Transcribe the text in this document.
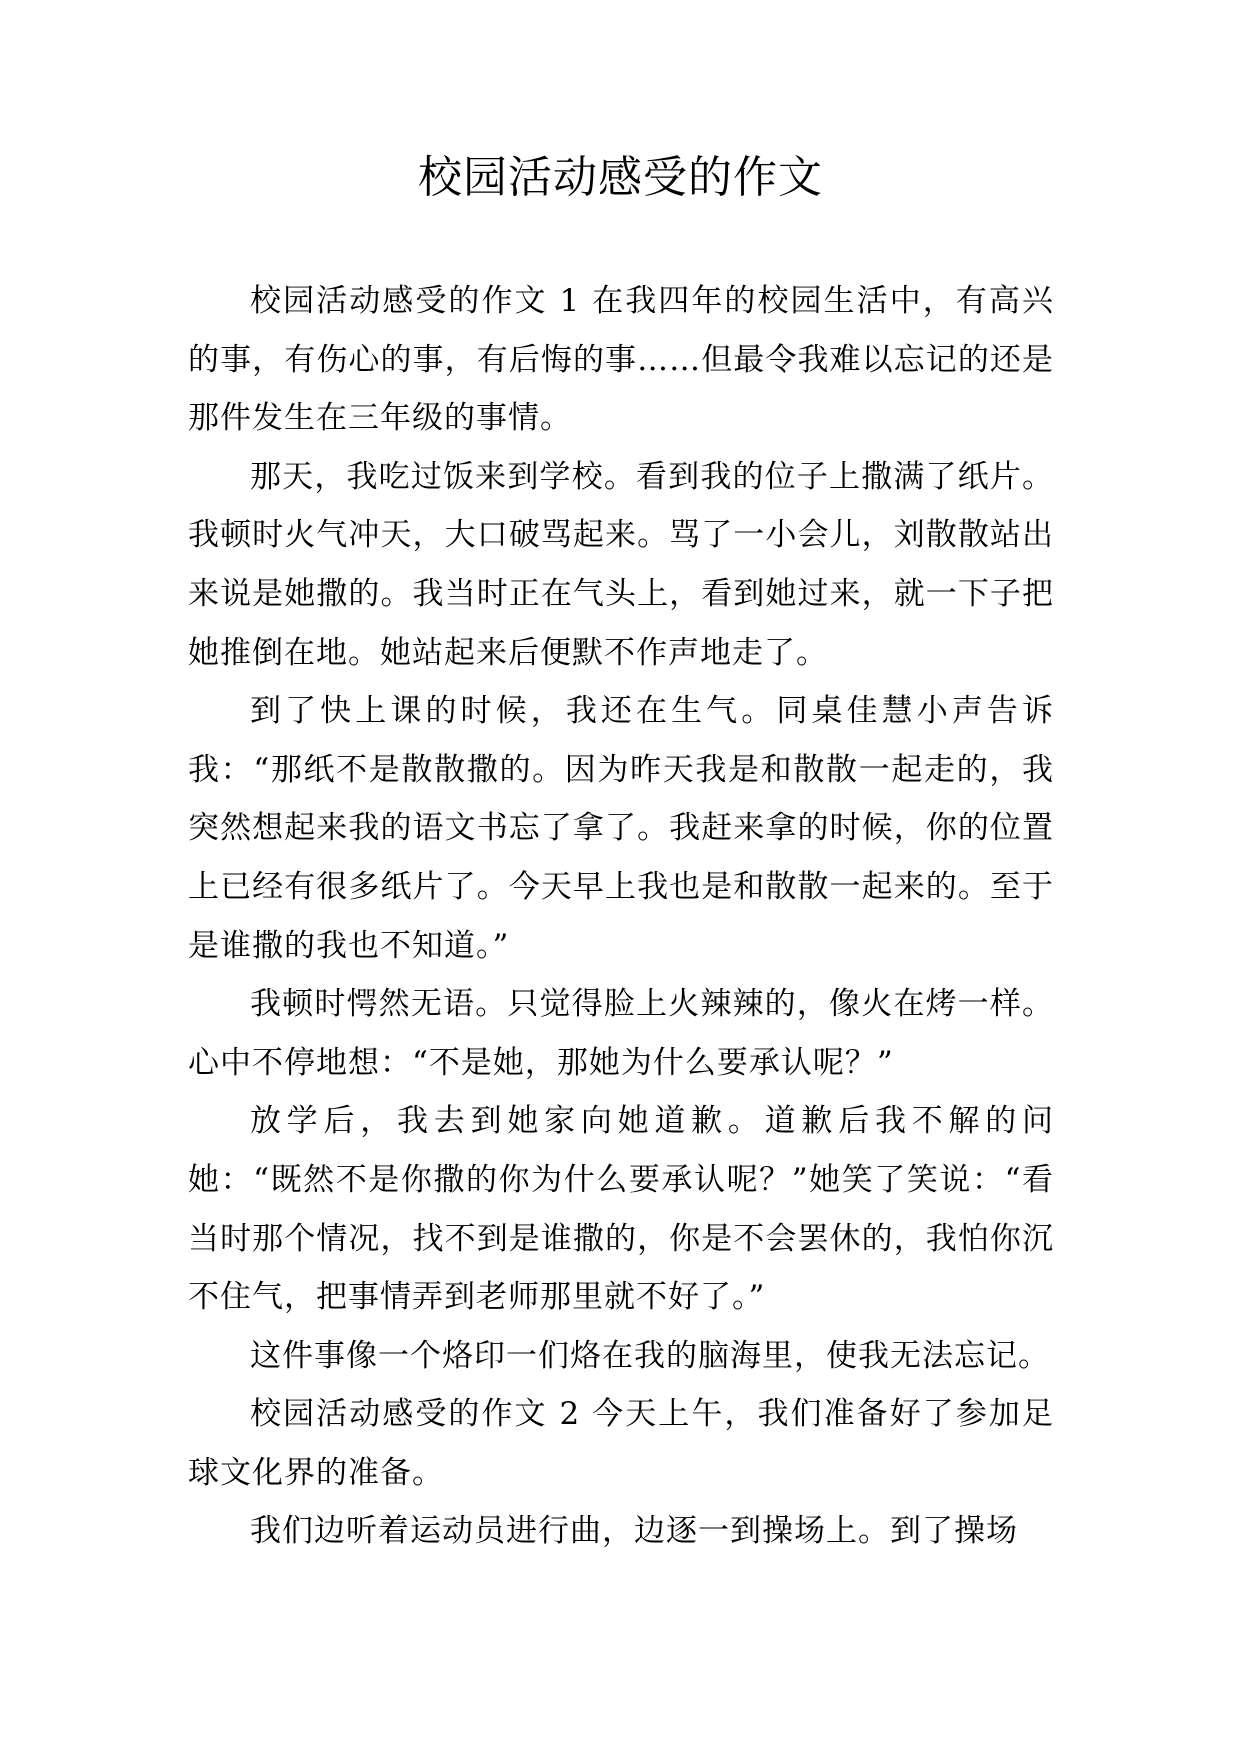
校园活动感受的作文

校园活动感受的作文 1 在我四年的校园生活中，有高兴的事，有伤心的事，有后悔的事……但最令我难以忘记的还是那件发生在三年级的事情。

那天，我吃过饭来到学校。看到我的位子上撒满了纸片。我顿时火气冲天，大口破骂起来。骂了一小会儿，刘散散站出来说是她撒的。我当时正在气头上，看到她过来，就一下子把她推倒在地。她站起来后便默不作声地走了。

到了快上课的时候，我还在生气。同桌佳慧小声告诉我：“那纸不是散散撒的。因为昨天我是和散散一起走的，我突然想起来我的语文书忘了拿了。我赶来拿的时候，你的位置上已经有很多纸片了。今天早上我也是和散散一起来的。至于是谁撒的我也不知道。”

我顿时愕然无语。只觉得脸上火辣辣的，像火在烤一样。心中不停地想：“不是她，那她为什么要承认呢？”

放学后，我去到她家向她道歉。道歉后我不解的问她：“既然不是你撒的你为什么要承认呢？”她笑了笑说：“看当时那个情况，找不到是谁撒的，你是不会罢休的，我怕你沉不住气，把事情弄到老师那里就不好了。”

这件事像一个烙印一们烙在我的脑海里，使我无法忘记。

校园活动感受的作文 2 今天上午，我们准备好了参加足球文化界的准备。

我们边听着运动员进行曲，边逐一到操场上。到了操场
